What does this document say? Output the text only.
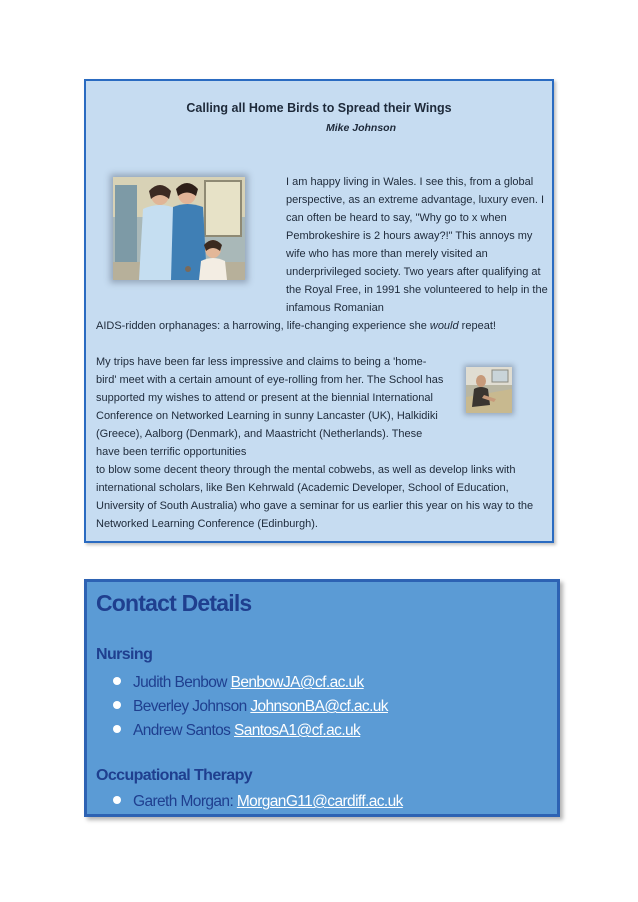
Calling all Home Birds to Spread their Wings
Mike Johnson

I am happy living in Wales. I see this, from a global perspective, as an extreme advantage, luxury even. I can often be heard to say, "Why go to x when Pembrokeshire is 2 hours away?!" This annoys my wife who has more than merely visited an underprivileged society. Two years after qualifying at the Royal Free, in 1991 she volunteered to help in the infamous Romanian

AIDS-ridden orphanages: a harrowing, life-changing experience she would repeat!

My trips have been far less impressive and claims to being a 'home-bird' meet with a certain amount of eye-rolling from her. The School has supported my wishes to attend or present at the biennial International Conference on Networked Learning in sunny Lancaster (UK), Halkidiki (Greece), Aalborg (Denmark), and Maastricht (Netherlands). These have been terrific opportunities

to blow some decent theory through the mental cobwebs, as well as develop links with international scholars, like Ben Kehrwald (Academic Developer, School of Education, University of South Australia) who gave a seminar for us earlier this year on his way to the Networked Learning Conference (Edinburgh).

Contact Details
Nursing
Judith Benbow BenbowJA@cf.ac.uk
Beverley Johnson JohnsonBA@cf.ac.uk
Andrew Santos SantosA1@cf.ac.uk
Occupational Therapy
Gareth Morgan: MorganG11@cardiff.ac.uk
